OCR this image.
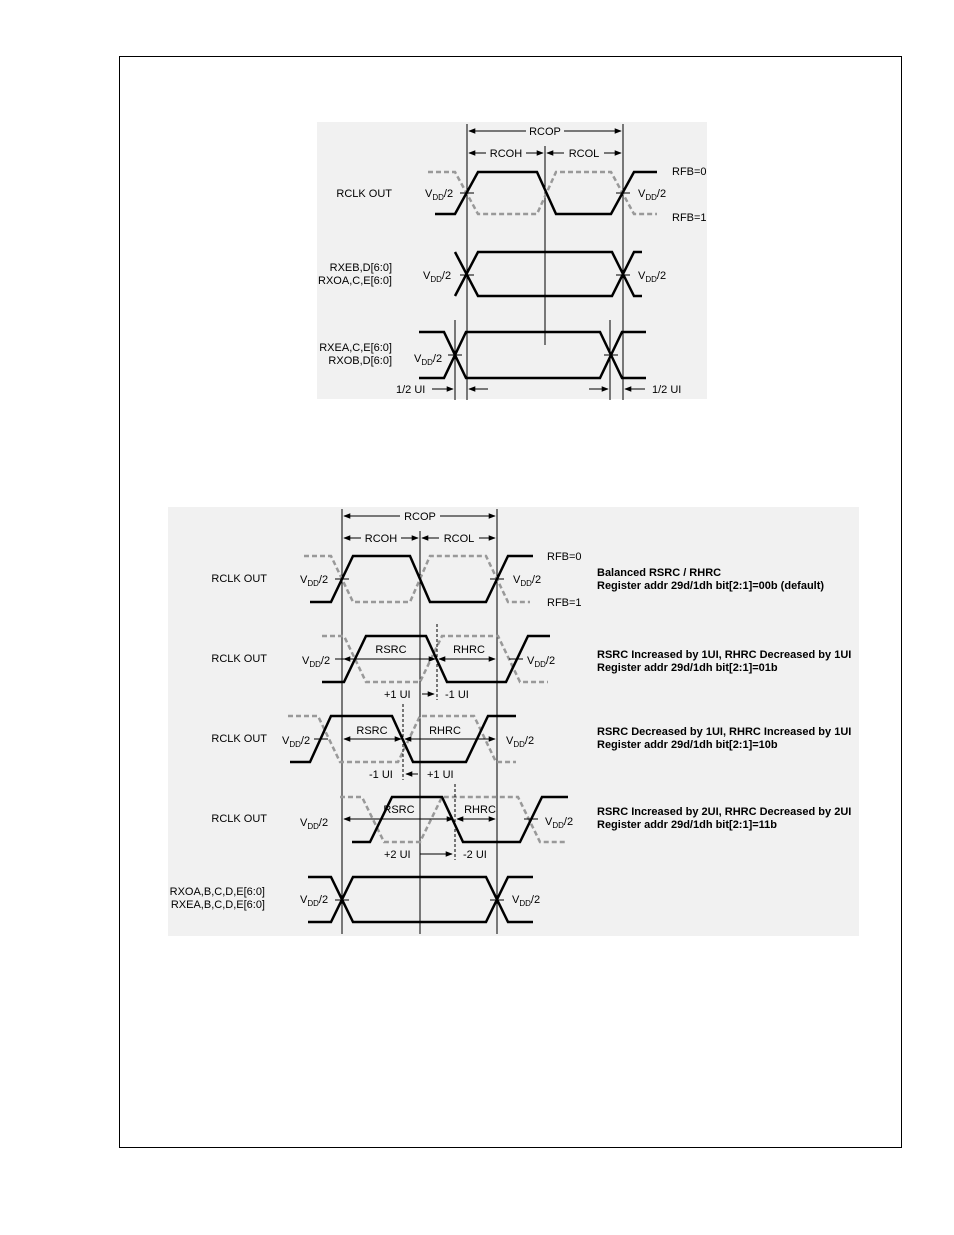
RCOP
RCOH	RCOL
RCLK OUT	VDD/2	VDD/2
RFB=0
RFB=1
RXEB,D[6:0]
RXOA,C,E[6:0]	VDD/2	VDD/2
RXEA,C,E[6:0]
RXOB,D[6:0] VDD/2
1/2 UI	1/2 UI
RCOP
RCOH	RCOL
RCLK OUT	VDD/2	VDD/2
RFB=0
RFB=1
Balanced RSRC / RHRC
Register addr 29d/1dh bit[2:1]=00b (default)
RCLK OUT
RSRC	RHRC
+1 UI	-1 UI
VDD/2	VDD/2	RSRC Increased by 1UI, RHRC Decreased by 1UI
Register addr 29d/1dh bit[2:1]=01b
RCLK OUT
RSRC	RHRC
-1 UI	+1 UI
VDD/2	VDD/2
RSRC Decreased by 1UI, RHRC Increased by 1UI
Register addr 29d/1dh bit[2:1]=10b
RCLK OUT
RSRC	RHRC
+2 UI	-2 UI
VDD/2	VDD/2
RSRC Increased by 2UI, RHRC Decreased by 2UI
Register addr 29d/1dh bit[2:1]=11b
RXOA,B,C,D,E[6:0]
RXEA,B,C,D,E[6:0]	VDD/2	VDD/2
